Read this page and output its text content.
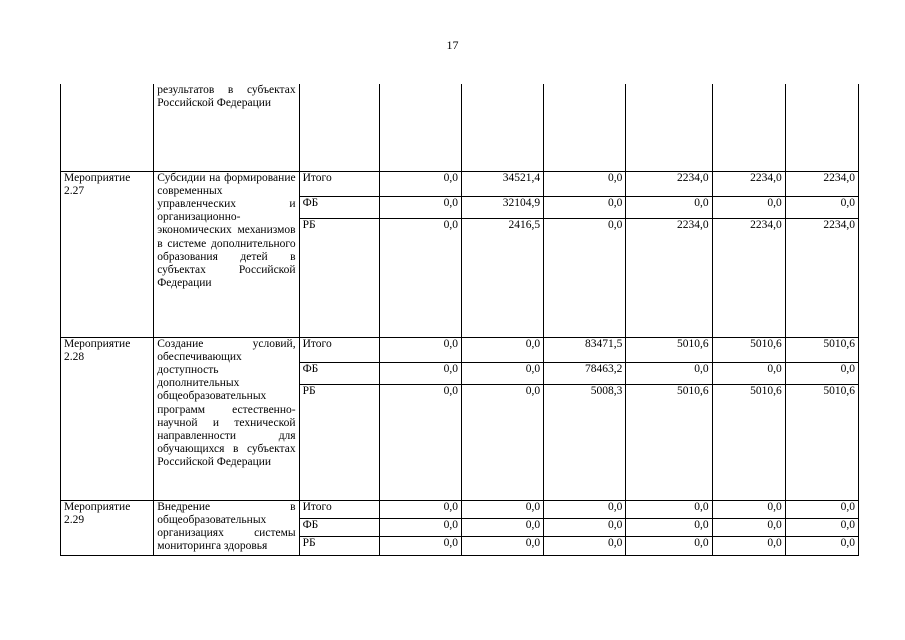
17
	результатов в субъектах Российской Федерации							
Мероприятие 2.27	Субсидии на формирование современных управленческих и организационно-экономических механизмов в системе дополнительного образования детей в субъектах Российской Федерации	Итого	0,0	34521,4	0,0	2234,0	2234,0	2234,0
		ФБ	0,0	32104,9	0,0	0,0	0,0	0,0
		РБ	0,0	2416,5	0,0	2234,0	2234,0	2234,0
Мероприятие 2.28	Создание условий, обеспечивающих доступность дополнительных общеобразовательных программ естественно-научной и технической направленности для обучающихся в субъектах Российской Федерации	Итого	0,0	0,0	83471,5	5010,6	5010,6	5010,6
		ФБ	0,0	0,0	78463,2	0,0	0,0	0,0
		РБ	0,0	0,0	5008,3	5010,6	5010,6	5010,6
Мероприятие 2.29	Внедрение в общеобразовательных организациях системы мониторинга здоровья	Итого	0,0	0,0	0,0	0,0	0,0	0,0
		ФБ	0,0	0,0	0,0	0,0	0,0	0,0
		РБ	0,0	0,0	0,0	0,0	0,0	0,0
